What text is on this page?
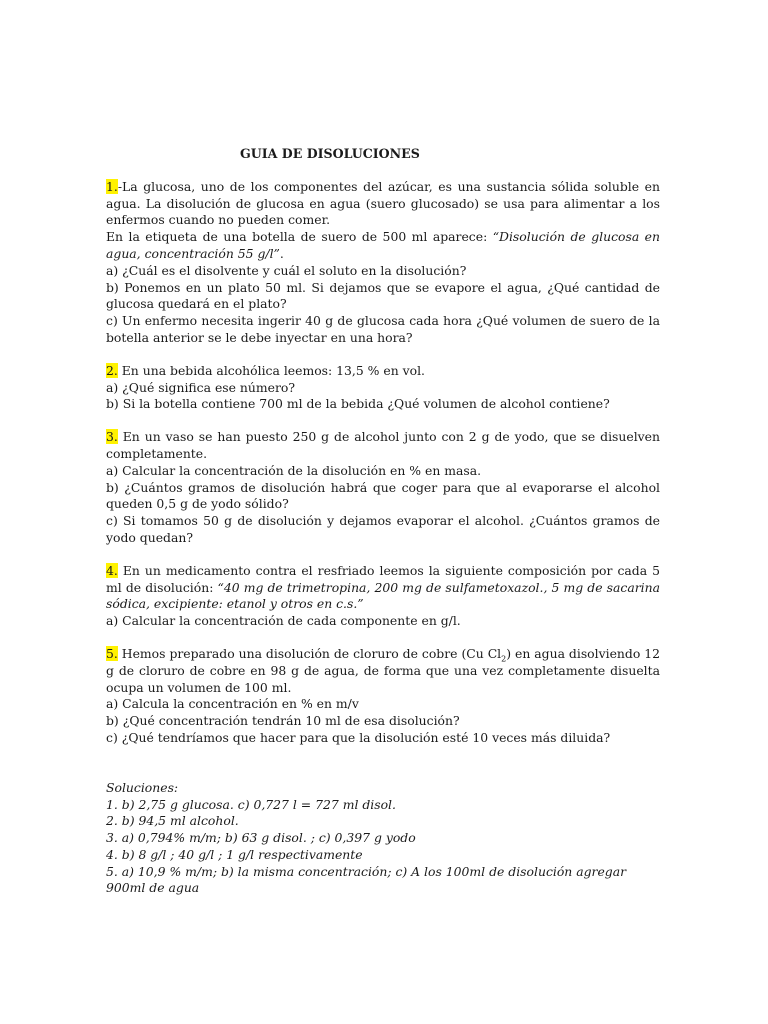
GUIA DE DISOLUCIONES
1.-La glucosa, uno de los componentes del azúcar, es una sustancia sólida soluble en agua. La disolución de glucosa en agua (suero glucosado) se usa para alimentar a los enfermos cuando no pueden comer.
En la etiqueta de una botella de suero de 500 ml aparece: “Disolución de glucosa en agua, concentración 55 g/l”.
a) ¿Cuál es el disolvente y cuál el soluto en la disolución?
b) Ponemos en un plato 50 ml. Si dejamos que se evapore el agua, ¿Qué cantidad de glucosa quedará en el plato?
c) Un enfermo necesita ingerir 40 g de glucosa cada hora ¿Qué volumen de suero de la botella anterior se le debe inyectar en una hora?
2. En una bebida alcohólica leemos: 13,5 % en vol.
a) ¿Qué significa ese número?
b) Si la botella contiene 700 ml de la bebida ¿Qué volumen de alcohol contiene?
3. En un vaso se han puesto 250 g de alcohol junto con 2 g de yodo, que se disuelven completamente.
a) Calcular la concentración de la disolución en % en masa.
b) ¿Cuántos gramos de disolución habrá que coger para que al evaporarse el alcohol queden 0,5 g de yodo sólido?
c) Si tomamos 50 g de disolución y dejamos evaporar el alcohol. ¿Cuántos gramos de yodo quedan?
4. En un medicamento contra el resfriado leemos la siguiente composición por cada 5 ml de disolución: “40 mg de trimetropina, 200 mg de sulfametoxazol., 5 mg de sacarina sódica, excipiente: etanol y otros en c.s.”
a) Calcular la concentración de cada componente en g/l.
5. Hemos preparado una disolución de cloruro de cobre (Cu $Cl_2$) en agua disolviendo 12 g de cloruro de cobre en 98 g de agua, de forma que una vez completamente disuelta ocupa un volumen de 100 ml.
a) Calcula la concentración en % en m/v
b) ¿Qué concentración tendrán 10 ml de esa disolución?
c) ¿Qué tendríamos que hacer para que la disolución esté 10 veces más diluida?
Soluciones:
1. b) 2,75 g glucosa. c) 0,727 l = 727 ml disol.
2. b) 94,5 ml alcohol.
3. a) 0,794% m/m; b) 63 g disol. ; c) 0,397 g yodo
4. b) 8 g/l ; 40 g/l ; 1 g/l respectivamente
5. a) 10,9 % m/m; b) la misma concentración; c) A los 100ml de disolución agregar 900ml de agua
